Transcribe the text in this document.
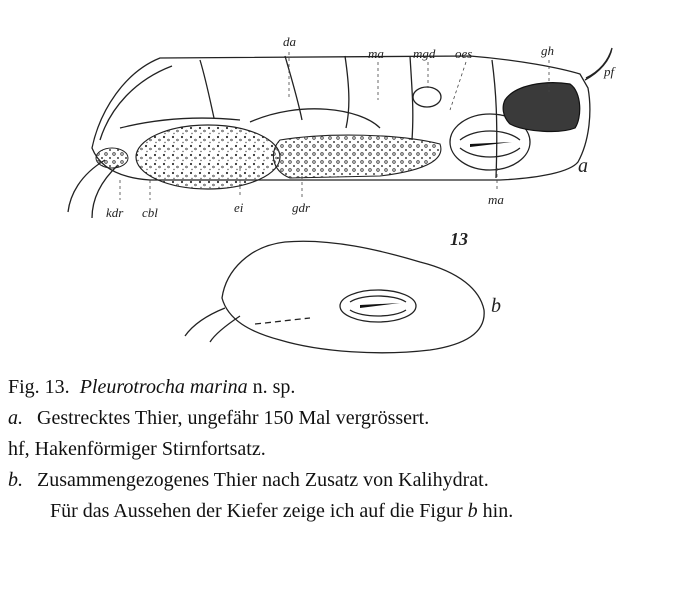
da
ma mgd oes	gh
pf
a
kdr cbl	ei	gdr
ma
13
b
Fig. 13. Pleurotrocha marina n. sp.
a. Gestrecktes Thier, ungefähr 150 Mal vergrössert.
hf, Hakenförmiger Stirnfortsatz.
b. Zusammengezogenes Thier nach Zusatz von Kalihydrat.
Für das Aussehen der Kiefer zeige ich auf die Figur b hin.
